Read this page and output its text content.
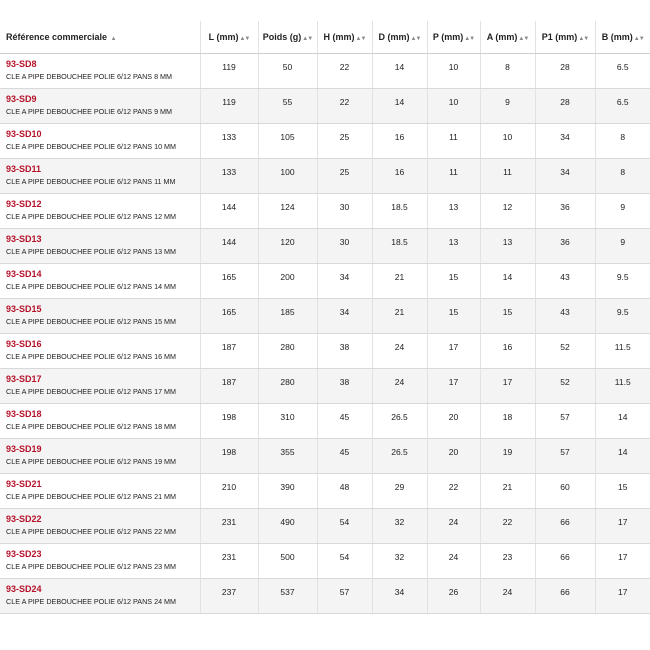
Référence commerciale ▲	L (mm)▲▼	Poids (g)▲▼	H (mm)▲▼	D (mm)▲▼	P (mm)▲▼	A (mm)▲▼	P1 (mm)▲▼	B (mm)▲▼

93-SD8
CLE A PIPE DEBOUCHEE POLIE 6/12 PANS 8 MM	119	50	22	14	10	8	28	6.5

93-SD9
CLE A PIPE DEBOUCHEE POLIE 6/12 PANS 9 MM	119	55	22	14	10	9	28	6.5

93-SD10
CLE A PIPE DEBOUCHEE POLIE 6/12 PANS 10 MM	133	105	25	16	11	10	34	8

93-SD11
CLE A PIPE DEBOUCHEE POLIE 6/12 PANS 11 MM	133	100	25	16	11	11	34	8

93-SD12
CLE A PIPE DEBOUCHEE POLIE 6/12 PANS 12 MM	144	124	30	18.5	13	12	36	9

93-SD13
CLE A PIPE DEBOUCHEE POLIE 6/12 PANS 13 MM	144	120	30	18.5	13	13	36	9

93-SD14
CLE A PIPE DEBOUCHEE POLIE 6/12 PANS 14 MM	165	200	34	21	15	14	43	9.5

93-SD15
CLE A PIPE DEBOUCHEE POLIE 6/12 PANS 15 MM	165	185	34	21	15	15	43	9.5

93-SD16
CLE A PIPE DEBOUCHEE POLIE 6/12 PANS 16 MM	187	280	38	24	17	16	52	11.5

93-SD17
CLE A PIPE DEBOUCHEE POLIE 6/12 PANS 17 MM	187	280	38	24	17	17	52	11.5

93-SD18
CLE A PIPE DEBOUCHEE POLIE 6/12 PANS 18 MM	198	310	45	26.5	20	18	57	14

93-SD19
CLE A PIPE DEBOUCHEE POLIE 6/12 PANS 19 MM	198	355	45	26.5	20	19	57	14

93-SD21
CLE A PIPE DEBOUCHEE POLIE 6/12 PANS 21 MM	210	390	48	29	22	21	60	15

93-SD22
CLE A PIPE DEBOUCHEE POLIE 6/12 PANS 22 MM	231	490	54	32	24	22	66	17

93-SD23
CLE A PIPE DEBOUCHEE POLIE 6/12 PANS 23 MM	231	500	54	32	24	23	66	17

93-SD24
CLE A PIPE DEBOUCHEE POLIE 6/12 PANS 24 MM	237	537	57	34	26	24	66	17
